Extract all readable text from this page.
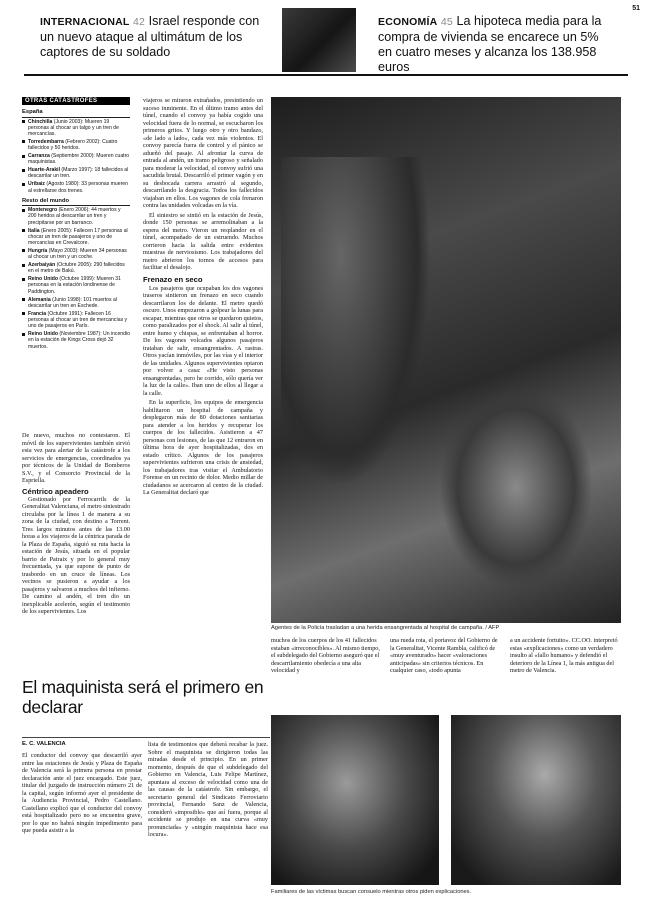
51
INTERNACIONAL 42 Israel responde con un nuevo ataque al ultimátum de los captores de su soldado
ECONOMÍA 45 La hipoteca media para la compra de vivienda se encarece un 5% en cuatro meses y alcanza los 138.958 euros
OTRAS CATÁSTROFES
España
Chinchilla (Junio 2003): Mueren 19 personas al chocar un talgo y un tren de mercancías.
Torredembarra (Febrero 2002): Cuatro fallecidos y 50 heridos.
Carranza (Septiembre 2000): Mueren cuatro maquinistas.
Huarte-Arakil (Marzo 1997): 18 fallecidos al descarrilar un tren.
Uribaiz (Agosto 1980): 33 personas mueren al estrellarse dos trenes.
Resto del mundo
Montenegro (Enero 2006): 44 muertos y 200 heridos al descarrilar un tren y precipitarse por un barranco.
Italia (Enero 2005): Fallecen 17 personas al chocar un tren de pasajeros y uno de mercancías en Crevalcore.
Hungría (Mayo 2003): Mueren 34 personas al chocar un tren y un coche.
Azerbaiyán (Octubre 2005): 290 fallecidos en el metro de Bakú.
Reino Unido (Octubre 1999): Mueren 31 personas en la estación londinense de Paddington.
Alemania (Junio 1998): 101 muertos al descarrilar un tren en Eschede.
Francia (Octubre 1991): Fallecen 16 personas al chocar un tren de mercancías y uno de pasajeros en París.
Reino Unido (Noviembre 1987): Un incendio en la estación de Kings Cross dejó 32 muertos.

De nuevo, muchos no contestaron. El móvil de los supervivientes también sirvió esta vez para alertar de la catástrofe a los servicios de emergencias, coordinados ya por técnicos de la Unidad de Bomberos S.V., y el Consorcio Provincial de la Espriella.

Céntrico apeadero

Gestionado por Ferrocarrils de la Generalitat Valenciana, el metro siniestrado circulaba por la línea 1 de manera a su zona de la ciudad, con destino a Torrent. Tres largos minutos antes de las 13.00 horas a los viajeros de la céntrica parada de la Plaza de España, siguió su ruta hacia la estación de Jesús, situada en el popular barrio de Patraix y por lo general muy frecuentada, ya que supone de punto de trasbordo en un cruce de líneas. Los vecinos se pusieron a ayudar a los pasajeros y salvaron a muchos del infierno. De camino al andén, el tren dio un inexplicable acelerón, según el testimonio de los supervivientes. Los

viajeros se miraron extrañados, presintiendo un suceso inminente. En el último tramo antes del túnel, cuando el convoy ya había cogido una velocidad fuera de lo normal, se escucharon los primeros gritos. Y luego otro y otro bandazo, «de lado a lado», cada vez más violentos. El convoy parecía fuera de control y el pánico se adueñó del pasaje. Al afrontar la curva de entrada al andén, un tramo peligroso y señalado para moderar la velocidad, el convoy sufrió una sacudida brutal. Descarriló el primer vagón y en su desbocada carrera arrastró al segundo, descarrilando la desgracia. Todos los fallecidos viajaban en ellos. Los vagones de cola frenaron contra las unidades volcadas en la vía.

El siniestro se sintió en la estación de Jesús, donde 150 personas se arremolinaban a la espera del metro. Vieron un resplandor en el túnel, acompañado de un estruendo. Muchos corrieron hacia la salida entre evidentes muestras de nerviosismo. Los trabajadores del metro abrieron los tornos de accesos para facilitar el desalojo.

Frenazo en seco

Los pasajeros que ocupaban los dos vagones traseros sintieron un frenazo en seco cuando descarrilaron los de delante. El metro quedó oscuro. Unos empezaron a golpear la lunas para escapar, mientras que otros se quedaron quietos, como paralizados por el shock. Al salir al túnel, entre humo y chispas, se enfrentaban al horror. De los vagones volcados algunos pasajeros trataban de salir, ensangrentados. A rastras. Otros yacían inmóviles, por las vías y el interior de las unidades. Algunos supervivientes optaron por volver a casa: «He visto personas ensangrentadas, pero he corrido, sólo quería ver la luz de la calle». Iban uno de ellos al llegar a la calle.

En la superficie, los equipos de emergencia habilitaron un hospital de campaña y desplegaron más de 80 dotaciones sanitarias para atender a los heridos y recuperar los cuerpos de los fallecidos. Asistieron a 47 personas con lesiones, de las que 12 entraron en última hora de ayer hospitalizadas, dos en estado crítico. Algunos de los pasajeros supervivientes sufrieron una crisis de ansiedad, los trabajadores tras visitar el Ambulatorio Forense en un recinto de dolor. Medio millar de ciudadanos se acercaron al centro de la ciudad. La Generalitat declaró que

Agentes de la Policía trasladan a una herida ensangrentada al hospital de campaña. / AFP
muchos de los cuerpos de los 41 fallecidos estaban «irreconocibles». Al mismo tiempo, el subdelegado del Gobierno aseguró que el descarrilamiento obedecía a una alta velocidad y
una rueda rota, el portavoz del Gobierno de la Generalitat, Vicente Rambla, calificó de «muy aventurado» hacer «valoraciones anticipadas» sin criterios técnicos. En cualquier caso, «todo apunta
a un accidente fortuito». CC.OO. interpretó estas «explicaciones» como un verdadero insulto al «fallo humano» y defendió el deterioro de la Línea 1, la más antigua del metro de Valencia.
El maquinista será el primero en declarar
E. C. VALENCIA
El conductor del convoy que descarriló ayer entre las estaciones de Jesús y Plaza de España de Valencia será la primera persona en prestar declaración ante el juez encargado. Este juez, titular del juzgado de instrucción número 21 de la capital, según informó ayer el presidente de la Audiencia Provincial, Pedro Castellano. Castellano explicó que el conductor del convoy está hospitalizado pero no se encuentra grave, por lo que no habrá ningún impedimento para que pueda asistir a la
lista de testimonios que deberá recabar la juez. Sobre el maquinista se dirigieron todas las miradas desde el principio. En un primer momento, después de que el subdelegado del Gobierno en Valencia, Luis Felipe Martínez, apuntara al exceso de velocidad como una de las causas de la catástrofe. Sin embargo, el secretario general del Sindicato Ferroviario provincial, Fernando Sanz de Valencia, consideró «imposible» que así fuera, porque al accidente se produjo en una curva «muy pronunciada» y «ningún maquinista hace esa locura».
Familiares de las víctimas buscan consuelo mientras otros piden explicaciones.
